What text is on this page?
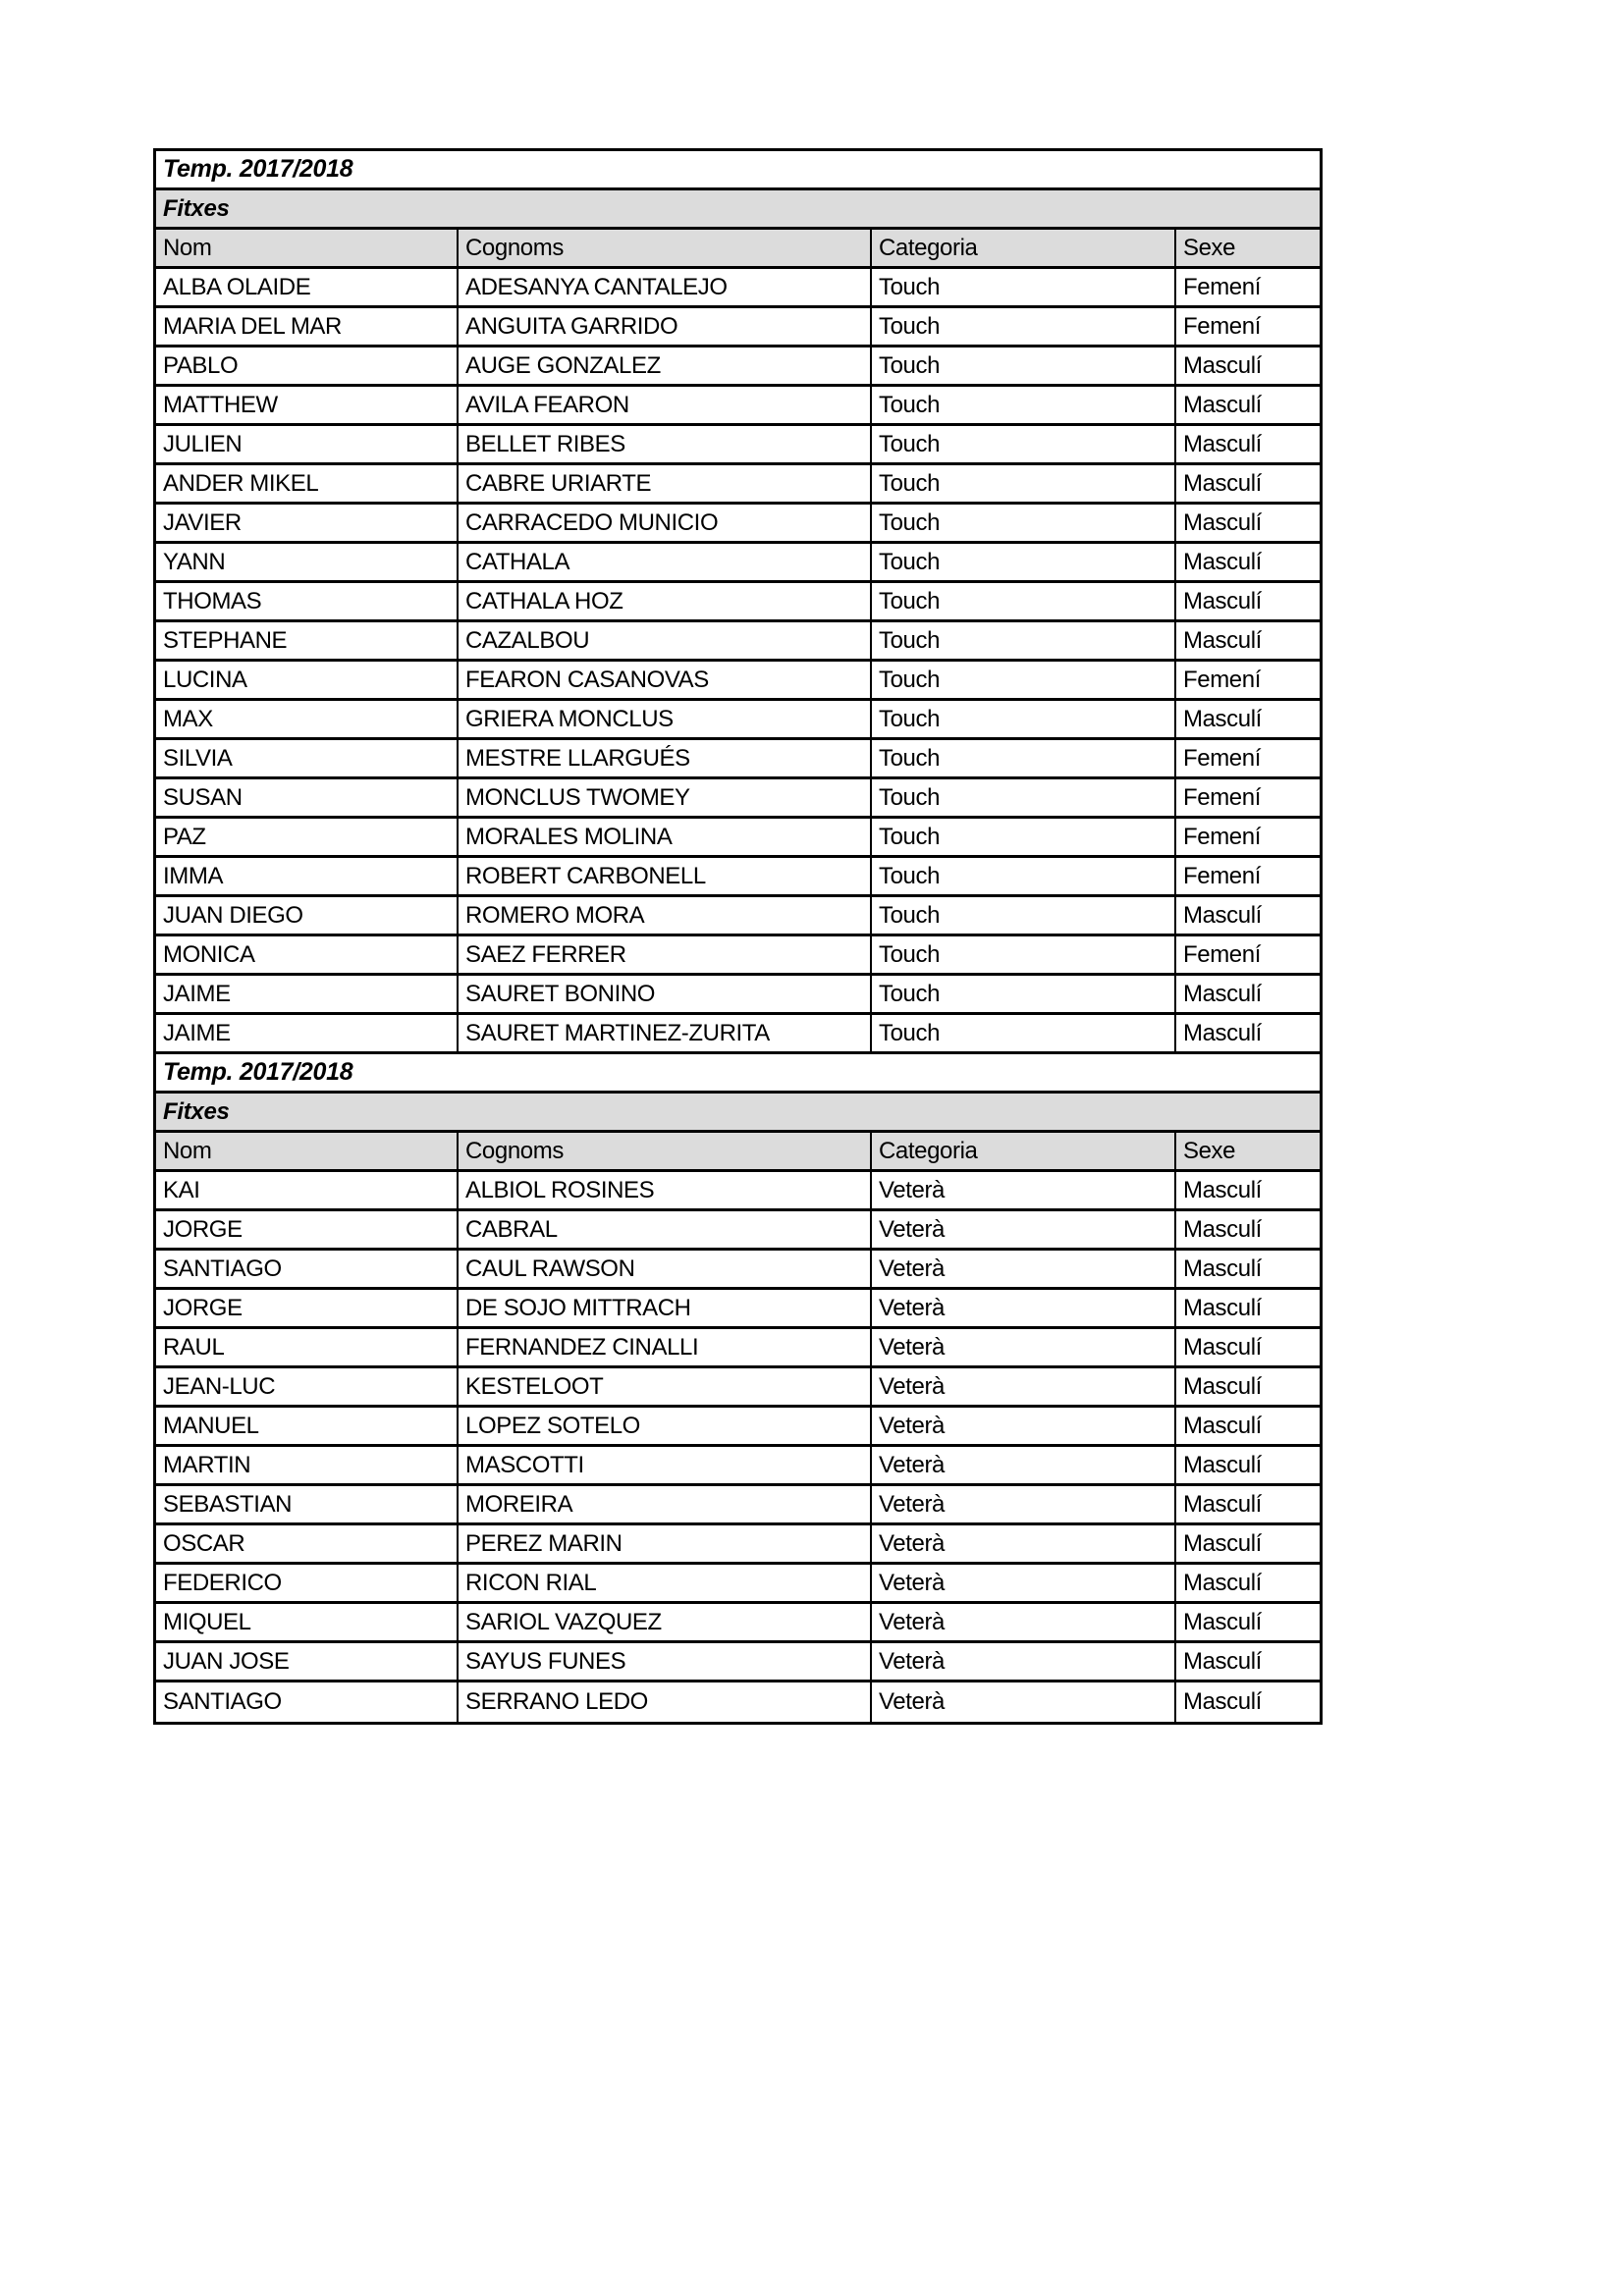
Temp. 2017/2018
Fitxes
Nom	Cognoms	Categoria	Sexe
ALBA OLAIDE	ADESANYA CANTALEJO	Touch	Femení
MARIA DEL MAR	ANGUITA GARRIDO	Touch	Femení
PABLO	AUGE GONZALEZ	Touch	Masculí
MATTHEW	AVILA FEARON	Touch	Masculí
JULIEN	BELLET RIBES	Touch	Masculí
ANDER MIKEL	CABRE URIARTE	Touch	Masculí
JAVIER	CARRACEDO MUNICIO	Touch	Masculí
YANN	CATHALA	Touch	Masculí
THOMAS	CATHALA HOZ	Touch	Masculí
STEPHANE	CAZALBOU	Touch	Masculí
LUCINA	FEARON CASANOVAS	Touch	Femení
MAX	GRIERA MONCLUS	Touch	Masculí
SILVIA	MESTRE LLARGUÉS	Touch	Femení
SUSAN	MONCLUS TWOMEY	Touch	Femení
PAZ	MORALES MOLINA	Touch	Femení
IMMA	ROBERT CARBONELL	Touch	Femení
JUAN DIEGO	ROMERO MORA	Touch	Masculí
MONICA	SAEZ FERRER	Touch	Femení
JAIME	SAURET BONINO	Touch	Masculí
JAIME	SAURET MARTINEZ-ZURITA	Touch	Masculí
Temp. 2017/2018
Fitxes
Nom	Cognoms	Categoria	Sexe
KAI	ALBIOL ROSINES	Veterà	Masculí
JORGE	CABRAL	Veterà	Masculí
SANTIAGO	CAUL RAWSON	Veterà	Masculí
JORGE	DE SOJO MITTRACH	Veterà	Masculí
RAUL	FERNANDEZ CINALLI	Veterà	Masculí
JEAN-LUC	KESTELOOT	Veterà	Masculí
MANUEL	LOPEZ SOTELO	Veterà	Masculí
MARTIN	MASCOTTI	Veterà	Masculí
SEBASTIAN	MOREIRA	Veterà	Masculí
OSCAR	PEREZ MARIN	Veterà	Masculí
FEDERICO	RICON RIAL	Veterà	Masculí
MIQUEL	SARIOL VAZQUEZ	Veterà	Masculí
JUAN JOSE	SAYUS FUNES	Veterà	Masculí
SANTIAGO	SERRANO LEDO	Veterà	Masculí
